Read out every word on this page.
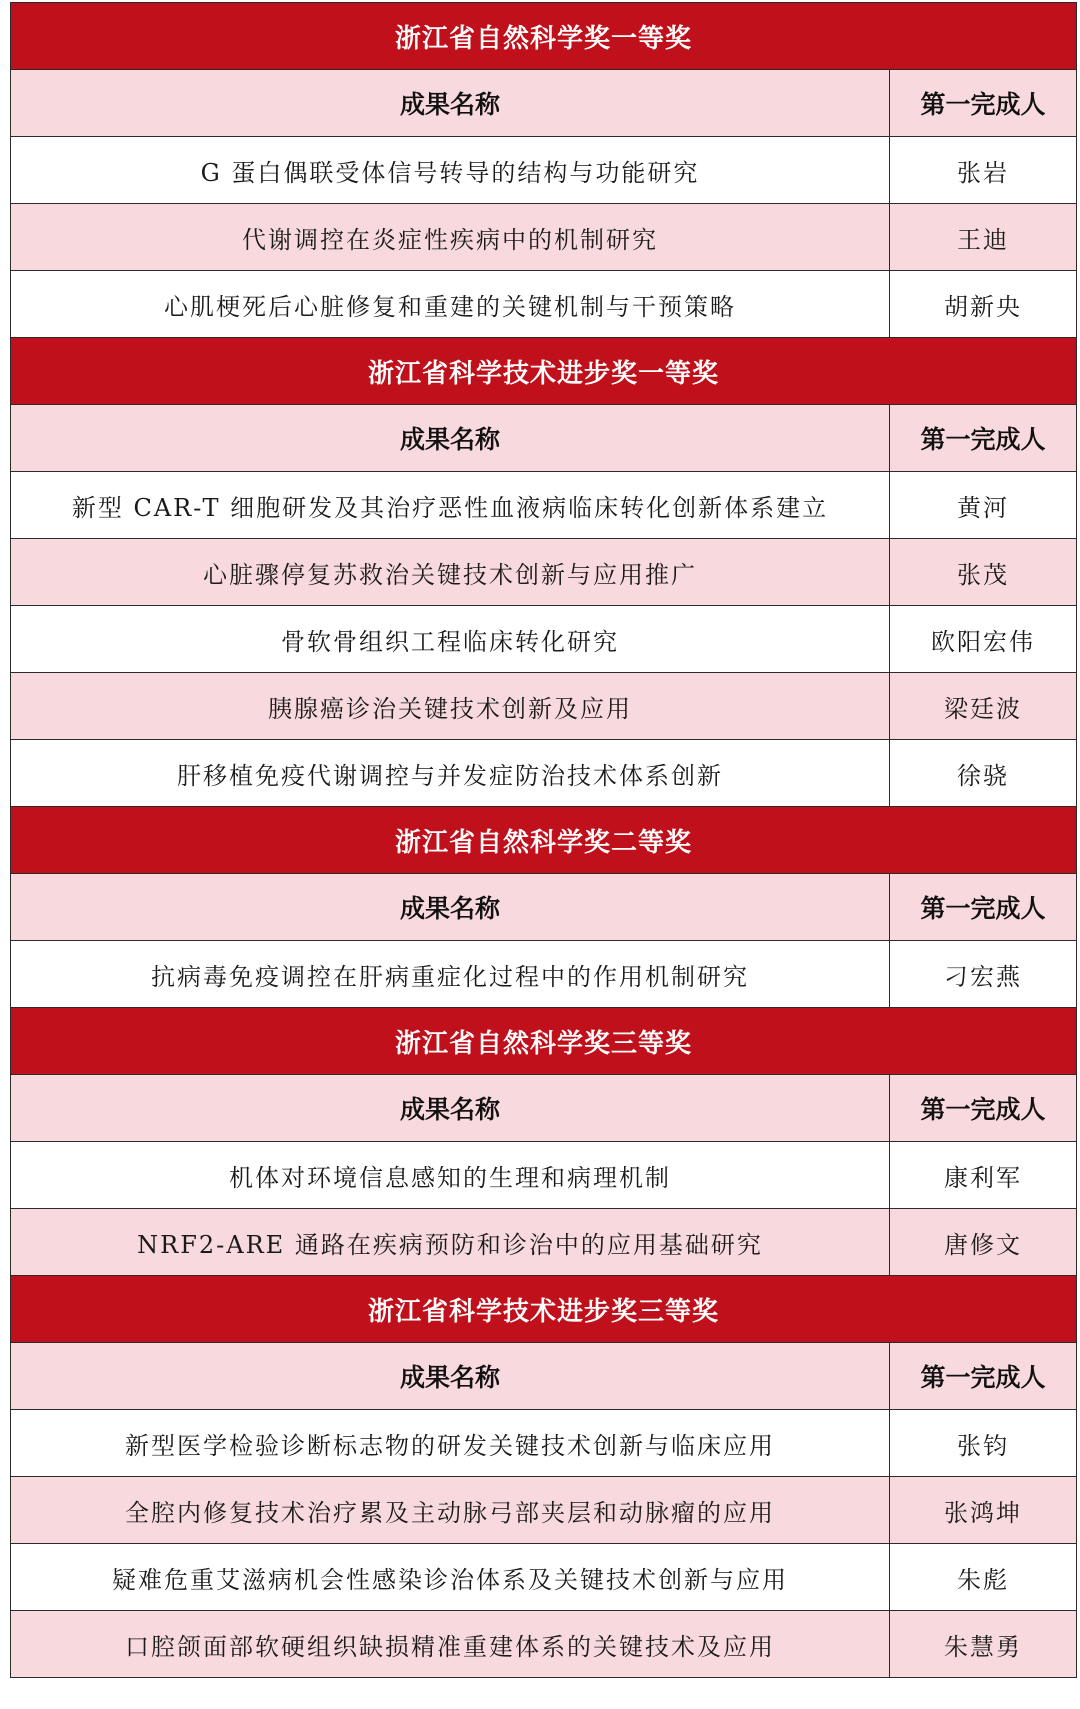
浙江省自然科学奖一等奖	
成果名称	第一完成人
G 蛋白偶联受体信号转导的结构与功能研究	张岩
代谢调控在炎症性疾病中的机制研究	王迪
心肌梗死后心脏修复和重建的关键机制与干预策略	胡新央
浙江省科学技术进步奖一等奖	
成果名称	第一完成人
新型 CAR-T 细胞研发及其治疗恶性血液病临床转化创新体系建立	黄河
心脏骤停复苏救治关键技术创新与应用推广	张茂
骨软骨组织工程临床转化研究	欧阳宏伟
胰腺癌诊治关键技术创新及应用	梁廷波
肝移植免疫代谢调控与并发症防治技术体系创新	徐骁
浙江省自然科学奖二等奖	
成果名称	第一完成人
抗病毒免疫调控在肝病重症化过程中的作用机制研究	刁宏燕
浙江省自然科学奖三等奖	
成果名称	第一完成人
机体对环境信息感知的生理和病理机制	康利军
NRF2-ARE 通路在疾病预防和诊治中的应用基础研究	唐修文
浙江省科学技术进步奖三等奖	
成果名称	第一完成人
新型医学检验诊断标志物的研发关键技术创新与临床应用	张钧
全腔内修复技术治疗累及主动脉弓部夹层和动脉瘤的应用	张鸿坤
疑难危重艾滋病机会性感染诊治体系及关键技术创新与应用	朱彪
口腔颌面部软硬组织缺损精准重建体系的关键技术及应用	朱慧勇
